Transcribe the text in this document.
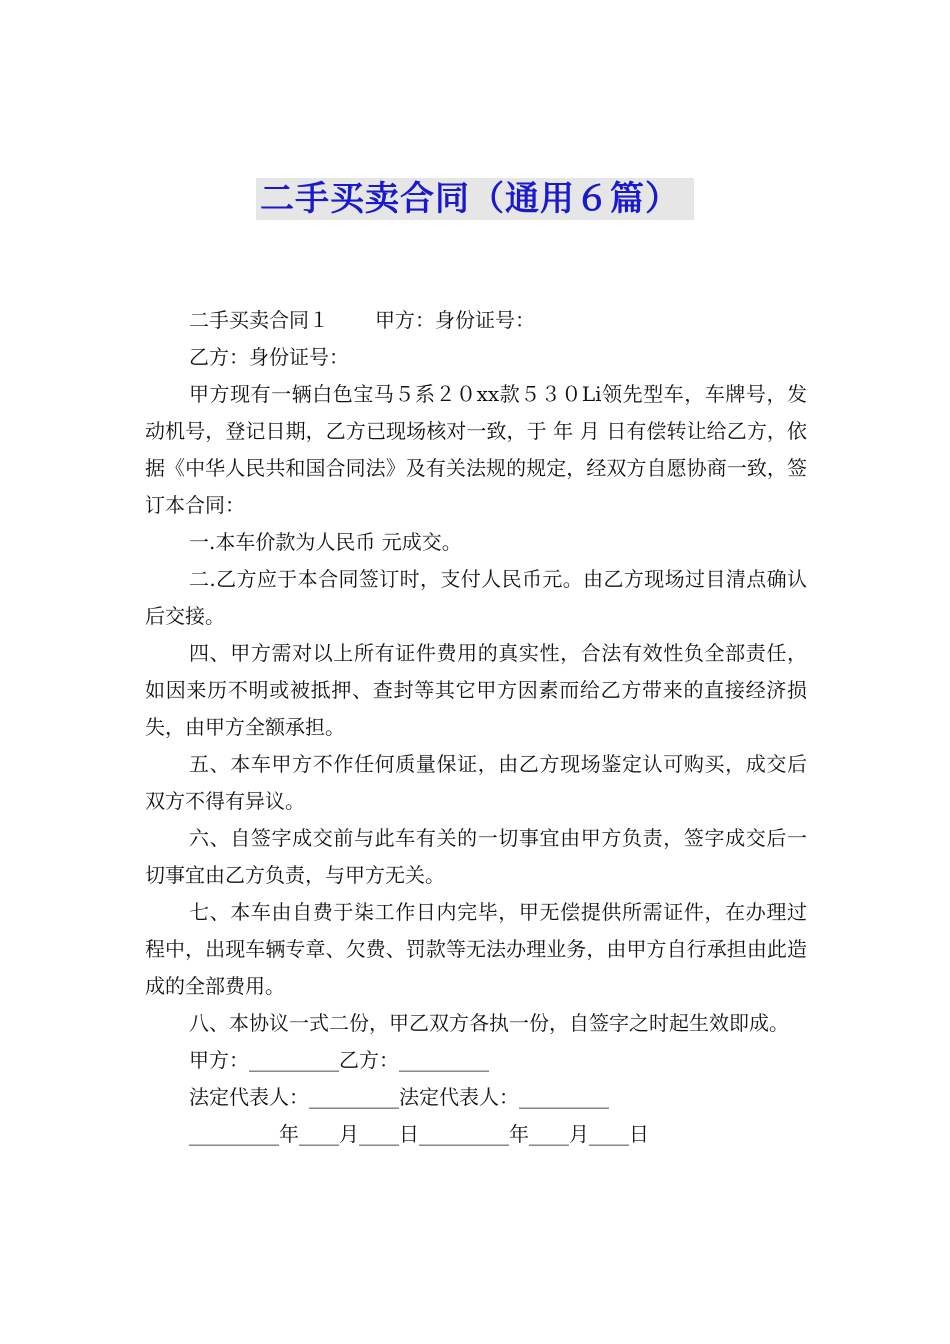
二手买卖合同（通用６篇）

二手买卖合同１ 甲方：身份证号：

乙方：身份证号：

甲方现有一辆白色宝马５系２０xx款５３０Li领先型车，车牌号，发动机号，登记日期，乙方已现场核对一致，于 年 月 日有偿转让给乙方，依据《中华人民共和国合同法》及有关法规的规定，经双方自愿协商一致，签订本合同：

一.本车价款为人民币 元成交。

二.乙方应于本合同签订时，支付人民币元。由乙方现场过目清点确认后交接。

四、甲方需对以上所有证件费用的真实性，合法有效性负全部责任，如因来历不明或被抵押、查封等其它甲方因素而给乙方带来的直接经济损失，由甲方全额承担。

五、本车甲方不作任何质量保证，由乙方现场鉴定认可购买，成交后双方不得有异议。

六、自签字成交前与此车有关的一切事宜由甲方负责，签字成交后一切事宜由乙方负责，与甲方无关。

七、本车由自费于柒工作日内完毕，甲无偿提供所需证件，在办理过程中，出现车辆专章、欠费、罚款等无法办理业务，由甲方自行承担由此造成的全部费用。

八、本协议一式二份，甲乙双方各执一份，自签字之时起生效即成。

甲方：_________乙方：_________

法定代表人：_________法定代表人：_________

_________年____月____日_________年____月____日
